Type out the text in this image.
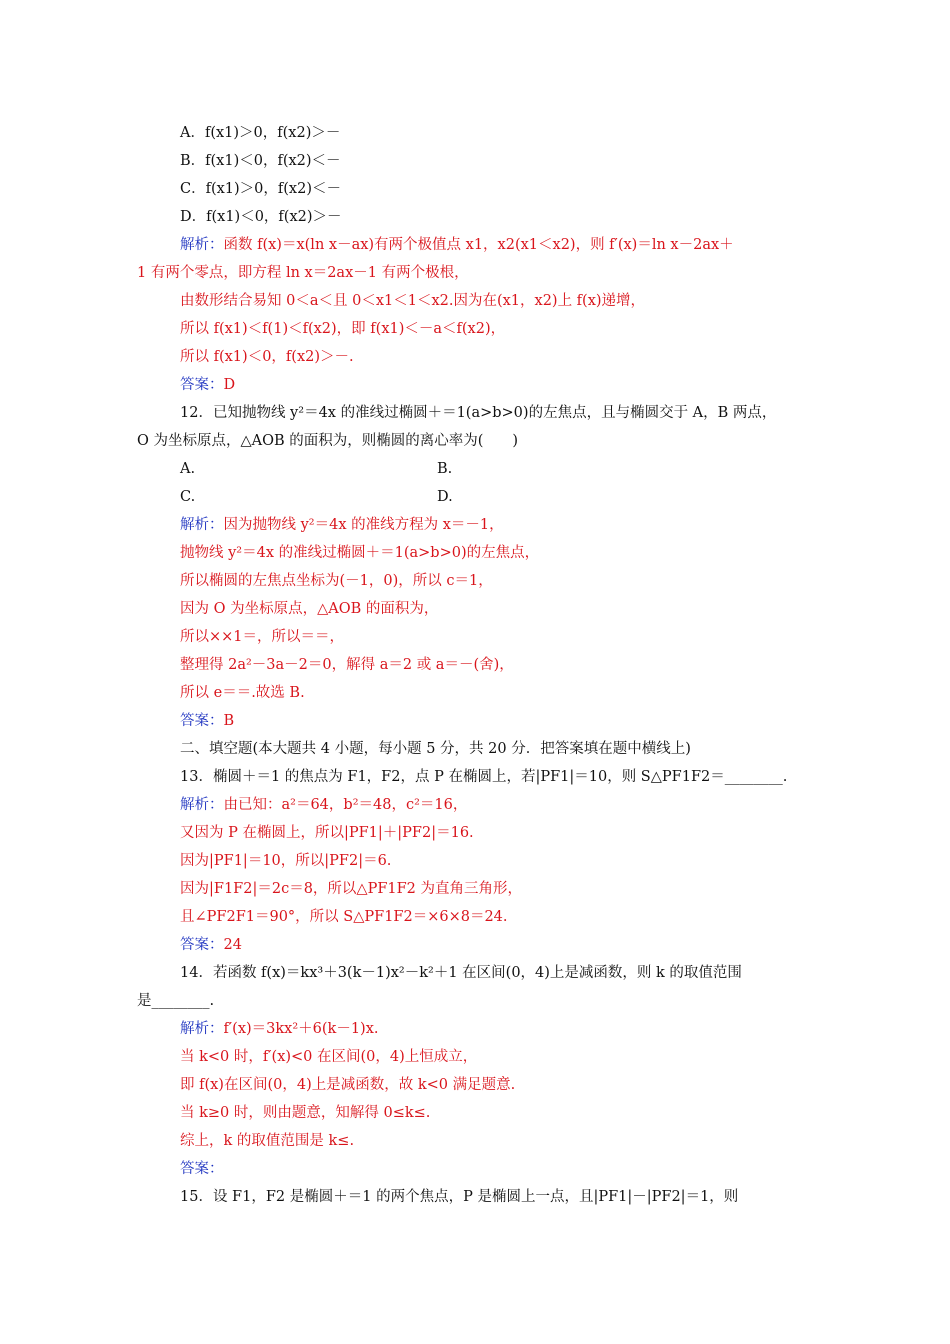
A．f(x1)＞0，f(x2)＞－
B．f(x1)＜0，f(x2)＜－
C．f(x1)＞0，f(x2)＜－
D．f(x1)＜0，f(x2)＞－
解析：函数 f(x)＝x(ln x－ax)有两个极值点 x1，x2(x1＜x2)，则 f′(x)＝ln x－2ax＋
1 有两个零点，即方程 ln x＝2ax－1 有两个极根，
由数形结合易知 0＜a＜且 0＜x1＜1＜x2.因为在(x1，x2)上 f(x)递增，
所以 f(x1)＜f(1)＜f(x2)，即 f(x1)＜－a＜f(x2)，
所以 f(x1)＜0，f(x2)＞－.
答案：D
12．已知抛物线 y²＝4x 的准线过椭圆＋＝1(a>b>0)的左焦点，且与椭圆交于 A，B 两点，
O 为坐标原点，△AOB 的面积为，则椭圆的离心率为(　　)
A.	B.
C.	D.
解析：因为抛物线 y²＝4x 的准线方程为 x＝－1，
抛物线 y²＝4x 的准线过椭圆＋＝1(a>b>0)的左焦点，
所以椭圆的左焦点坐标为(－1，0)，所以 c＝1，
因为 O 为坐标原点，△AOB 的面积为，
所以××1＝，所以＝＝，
整理得 2a²－3a－2＝0，解得 a＝2 或 a＝－(舍)，
所以 e＝＝.故选 B.
答案：B
二、填空题(本大题共 4 小题，每小题 5 分，共 20 分．把答案填在题中横线上)
13．椭圆＋＝1 的焦点为 F1，F2，点 P 在椭圆上，若|PF1|＝10，则 S△PF1F2＝________.
解析：由已知：a²＝64，b²＝48，c²＝16，
又因为 P 在椭圆上，所以|PF1|＋|PF2|＝16.
因为|PF1|＝10，所以|PF2|＝6.
因为|F1F2|＝2c＝8，所以△PF1F2 为直角三角形，
且∠PF2F1＝90°，所以 S△PF1F2＝×6×8＝24.
答案：24
14．若函数 f(x)＝kx³＋3(k－1)x²－k²＋1 在区间(0，4)上是减函数，则 k 的取值范围
是________.
解析：f′(x)＝3kx²＋6(k－1)x.
当 k<0 时，f′(x)<0 在区间(0，4)上恒成立，
即 f(x)在区间(0，4)上是减函数，故 k<0 满足题意.
当 k≥0 时，则由题意，知解得 0≤k≤.
综上，k 的取值范围是 k≤.
答案：
15．设 F1，F2 是椭圆＋＝1 的两个焦点，P 是椭圆上一点，且|PF1|－|PF2|＝1，则
